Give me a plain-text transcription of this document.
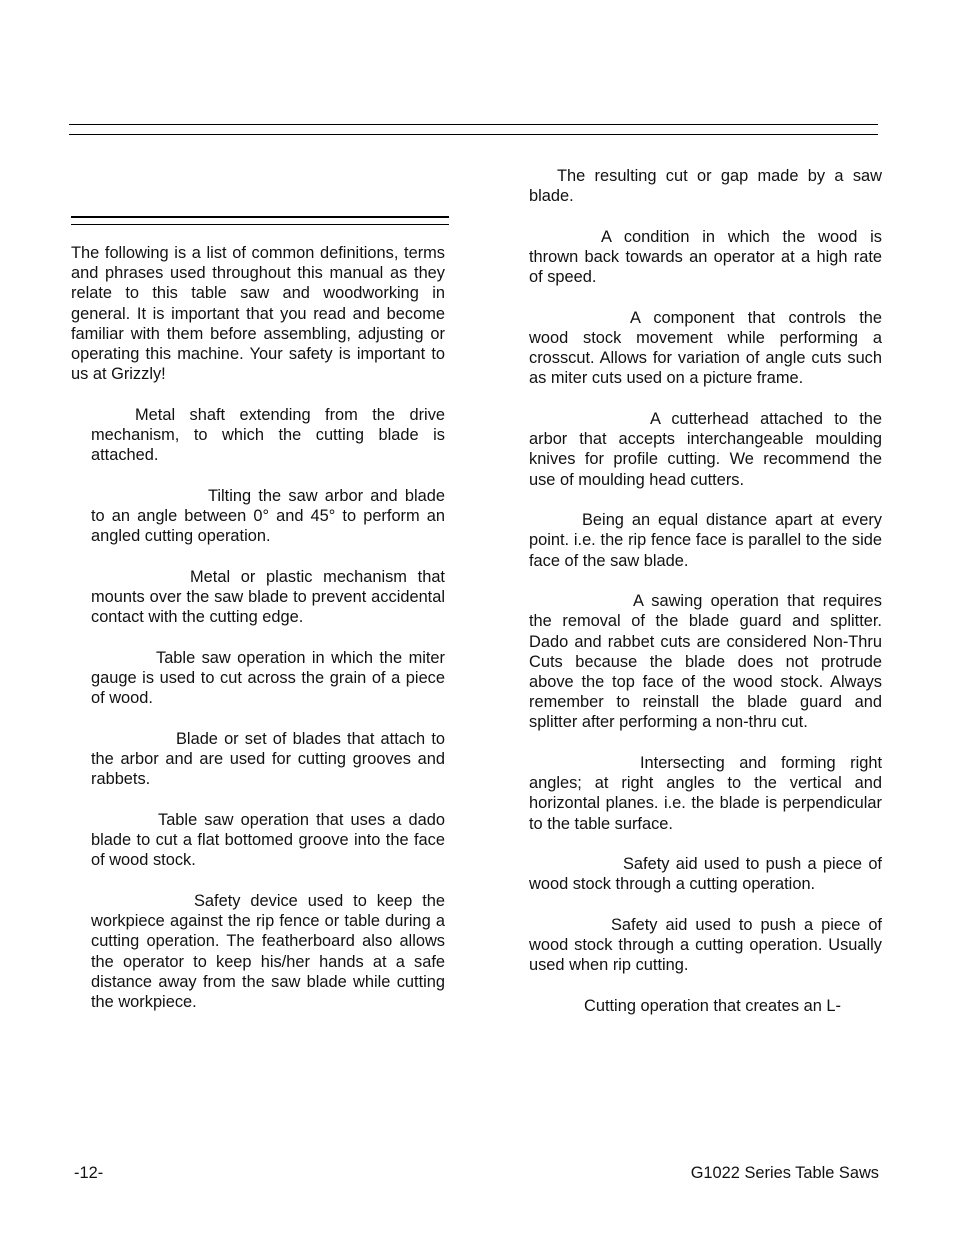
The following is a list of common definitions, terms and phrases used throughout this manual as they relate to this table saw and woodworking in general. It is important that you read and become familiar with them before assembling, adjusting or operating this machine. Your safety is important to us at Grizzly!

Metal shaft extending from the drive mechanism, to which the cutting blade is attached.

Tilting the saw arbor and blade to an angle between 0° and 45° to perform an angled cutting operation.

Metal or plastic mechanism that mounts over the saw blade to prevent accidental contact with the cutting edge.

Table saw operation in which the miter gauge is used to cut across the grain of a piece of wood.

Blade or set of blades that attach to the arbor and are used for cutting grooves and rabbets.

Table saw operation that uses a dado blade to cut a flat bottomed groove into the face of wood stock.

Safety device used to keep the workpiece against the rip fence or table during a cutting operation. The featherboard also allows the operator to keep his/her hands at a safe distance away from the saw blade while cutting the workpiece.

The resulting cut or gap made by a saw blade.

A condition in which the wood is thrown back towards an operator at a high rate of speed.

A component that controls the wood stock movement while performing a crosscut. Allows for variation of angle cuts such as miter cuts used on a picture frame.

A cutterhead attached to the arbor that accepts interchangeable moulding knives for profile cutting. We recommend the use of moulding head cutters.

Being an equal distance apart at every point. i.e. the rip fence face is parallel to the side face of the saw blade.

A sawing operation that requires the removal of the blade guard and splitter. Dado and rabbet cuts are considered Non-Thru Cuts because the blade does not protrude above the top face of the wood stock. Always remember to reinstall the blade guard and splitter after performing a non-thru cut.

Intersecting and forming right angles; at right angles to the vertical and horizontal planes. i.e. the blade is perpendicular to the table surface.

Safety aid used to push a piece of wood stock through a cutting operation.

Safety aid used to push a piece of wood stock through a cutting operation. Usually used when rip cutting.

Cutting operation that creates an L-

-12-	G1022 Series Table Saws
